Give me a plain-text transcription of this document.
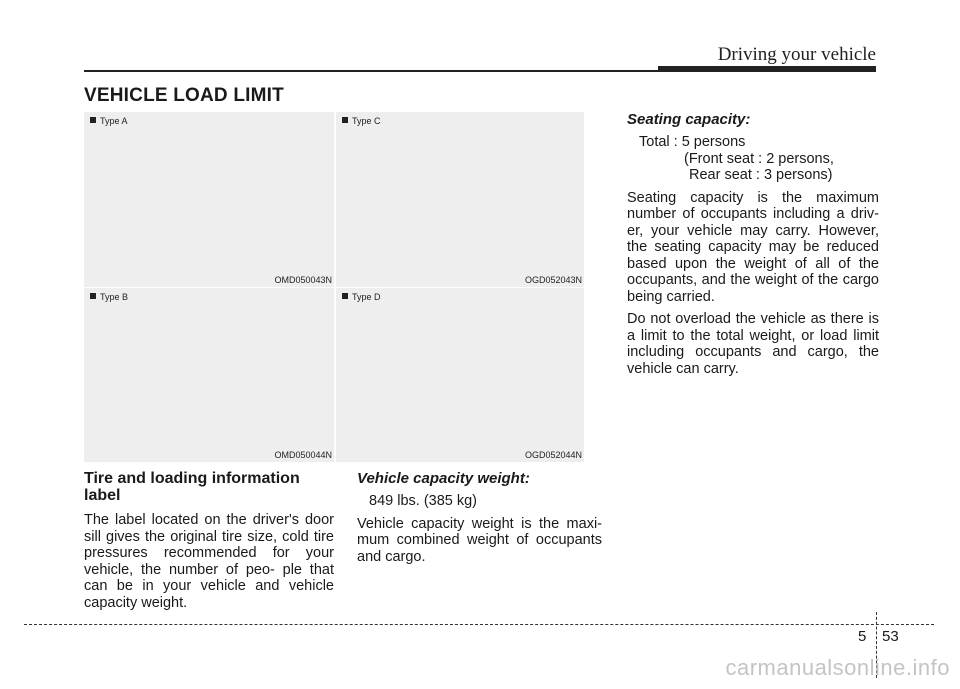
Driving your vehicle
VEHICLE LOAD LIMIT
Type A
OMD050043N
Type C
OGD052043N
Type B
OMD050044N
Type D
OGD052044N
Tire and loading information label

The label located on the driver's door sill gives the original tire size, cold tire pressures recommended for your vehicle, the number of peo- ple that can be in your vehicle and vehicle capacity weight.

Vehicle capacity weight:

849 lbs. (385 kg)

Vehicle capacity weight is the maxi- mum combined weight of occupants and cargo.

Seating capacity:

Total : 5 persons

(Front seat : 2 persons,

Rear seat : 3 persons)

Seating capacity is the maximum number of occupants including a driv- er, your vehicle may carry. However, the seating capacity may be reduced based upon the weight of all of the occupants, and the weight of the cargo being carried.

Do not overload the vehicle as there is a limit to the total weight, or load limit including occupants and cargo, the vehicle can carry.

5 53
carmanualsonline.info
